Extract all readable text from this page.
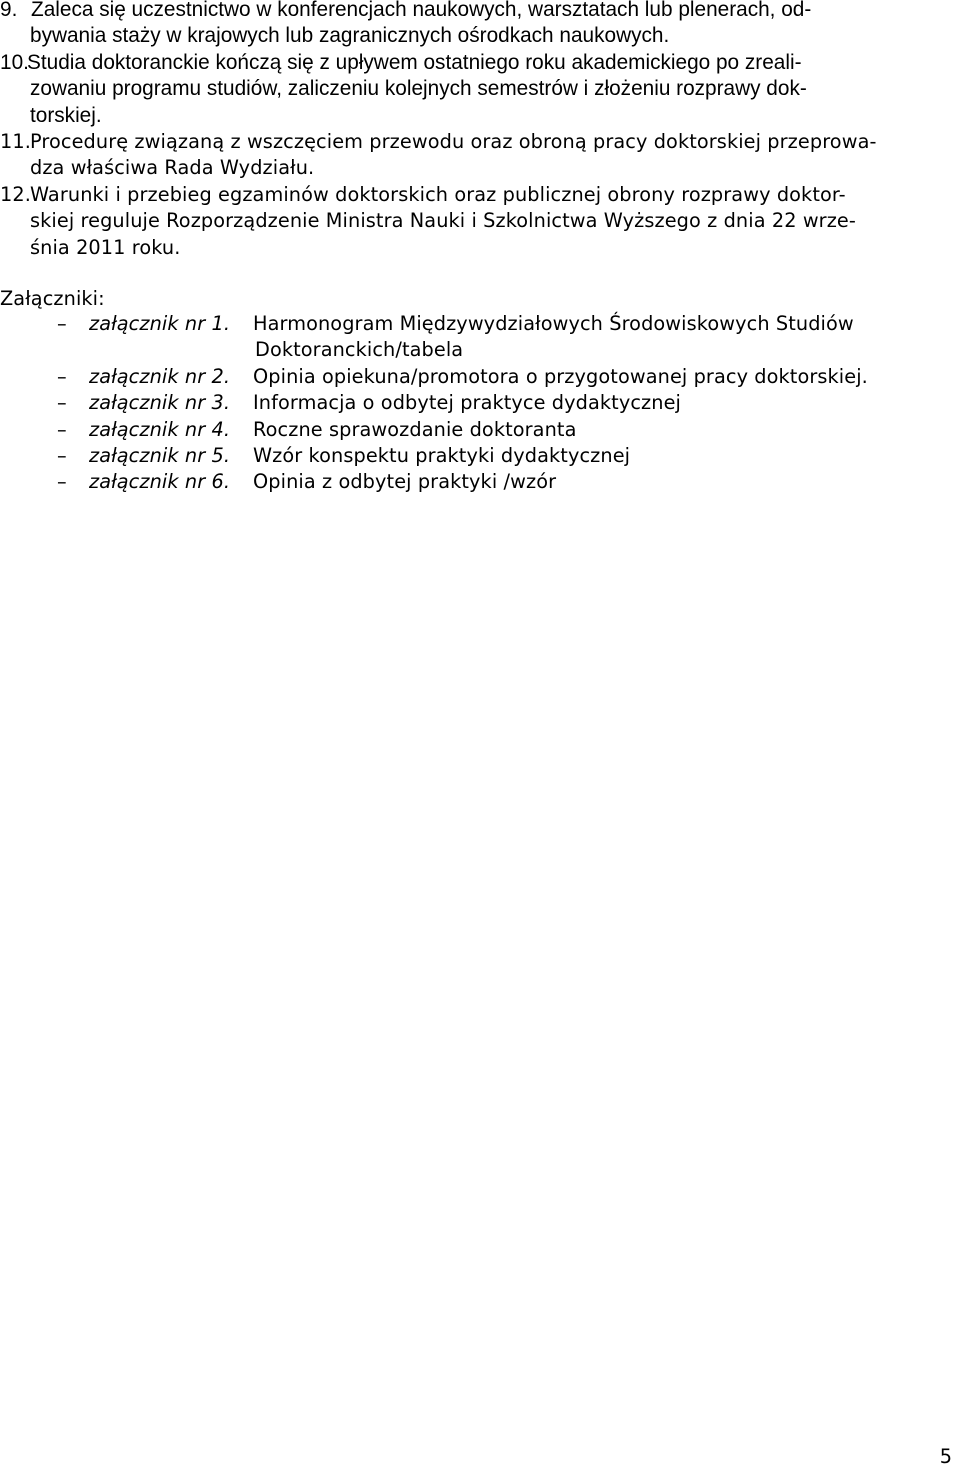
9. Zaleca się uczestnictwo w konferencjach naukowych, warsztatach lub plenerach, od-
bywania staży w krajowych lub zagranicznych ośrodkach naukowych.
10.
Studia doktoranckie kończą się z upływem ostatniego roku akademickiego po zreali-
zowaniu programu studiów, zaliczeniu kolejnych semestrów i złożeniu rozprawy dok-
torskiej.
11. Procedurę związaną z wszczęciem przewodu oraz obroną pracy doktorskiej przeprowa-
dza właściwa Rada Wydziału.
12. Warunki i przebieg egzaminów doktorskich oraz publicznej obrony rozprawy doktor-
skiej reguluje Rozporządzenie Ministra Nauki i Szkolnictwa Wyższego z dnia 22 wrze-
śnia 2011 roku.
Załączniki:
– załącznik nr 1. Harmonogram Międzywydziałowych Środowiskowych Studiów
Doktoranckich/tabela
– załącznik nr 2. Opinia opiekuna/promotora o przygotowanej pracy doktorskiej.
– załącznik nr 3. Informacja o odbytej praktyce dydaktycznej
– załącznik nr 4. Roczne sprawozdanie doktoranta
– załącznik nr 5. Wzór konspektu praktyki dydaktycznej
– załącznik nr 6. Opinia z odbytej praktyki /wzór
5
